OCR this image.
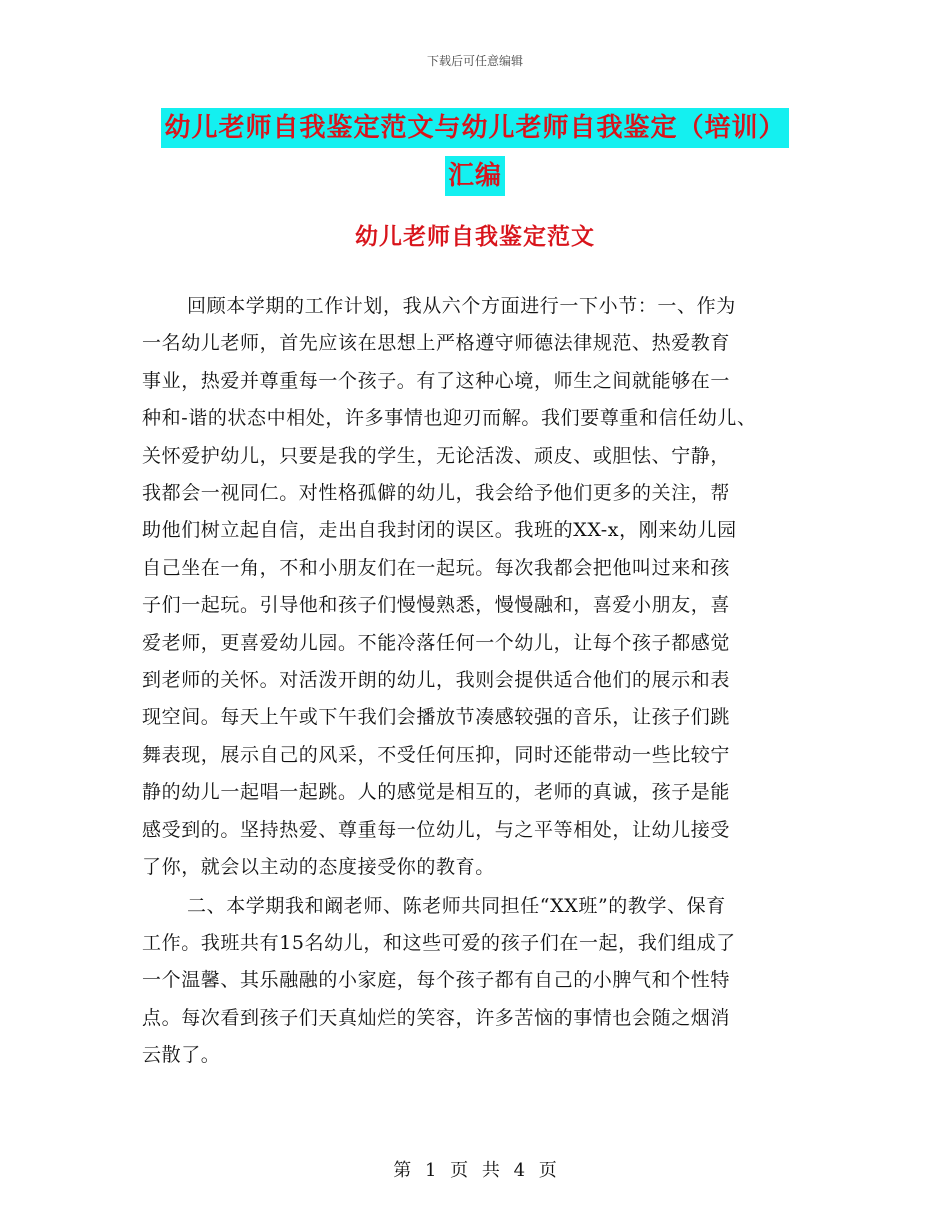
下载后可任意编辑
幼儿老师自我鉴定范文与幼儿老师自我鉴定（培训）
汇编
幼儿老师自我鉴定范文

回顾本学期的工作计划，我从六个方面进行一下小节：一、作为

一名幼儿老师，首先应该在思想上严格遵守师德法律规范、热爱教育

事业，热爱并尊重每一个孩子。有了这种心境，师生之间就能够在一

种和-谐的状态中相处，许多事情也迎刃而解。我们要尊重和信任幼儿、

关怀爱护幼儿，只要是我的学生，无论活泼、顽皮、或胆怯、宁静，

我都会一视同仁。对性格孤僻的幼儿，我会给予他们更多的关注，帮

助他们树立起自信，走出自我封闭的误区。我班的XX-x，刚来幼儿园

自己坐在一角，不和小朋友们在一起玩。每次我都会把他叫过来和孩

子们一起玩。引导他和孩子们慢慢熟悉，慢慢融和，喜爱小朋友，喜

爱老师，更喜爱幼儿园。不能冷落任何一个幼儿，让每个孩子都感觉

到老师的关怀。对活泼开朗的幼儿，我则会提供适合他们的展示和表

现空间。每天上午或下午我们会播放节凑感较强的音乐，让孩子们跳

舞表现，展示自己的风采，不受任何压抑，同时还能带动一些比较宁

静的幼儿一起唱一起跳。人的感觉是相互的，老师的真诚，孩子是能

感受到的。坚持热爱、尊重每一位幼儿，与之平等相处，让幼儿接受

了你，就会以主动的态度接受你的教育。

二、本学期我和阚老师、陈老师共同担任“XX班”的教学、保育

工作。我班共有15名幼儿，和这些可爱的孩子们在一起，我们组成了

一个温馨、其乐融融的小家庭，每个孩子都有自己的小脾气和个性特

点。每次看到孩子们天真灿烂的笑容，许多苦恼的事情也会随之烟消

云散了。

第 1 页 共 4 页
